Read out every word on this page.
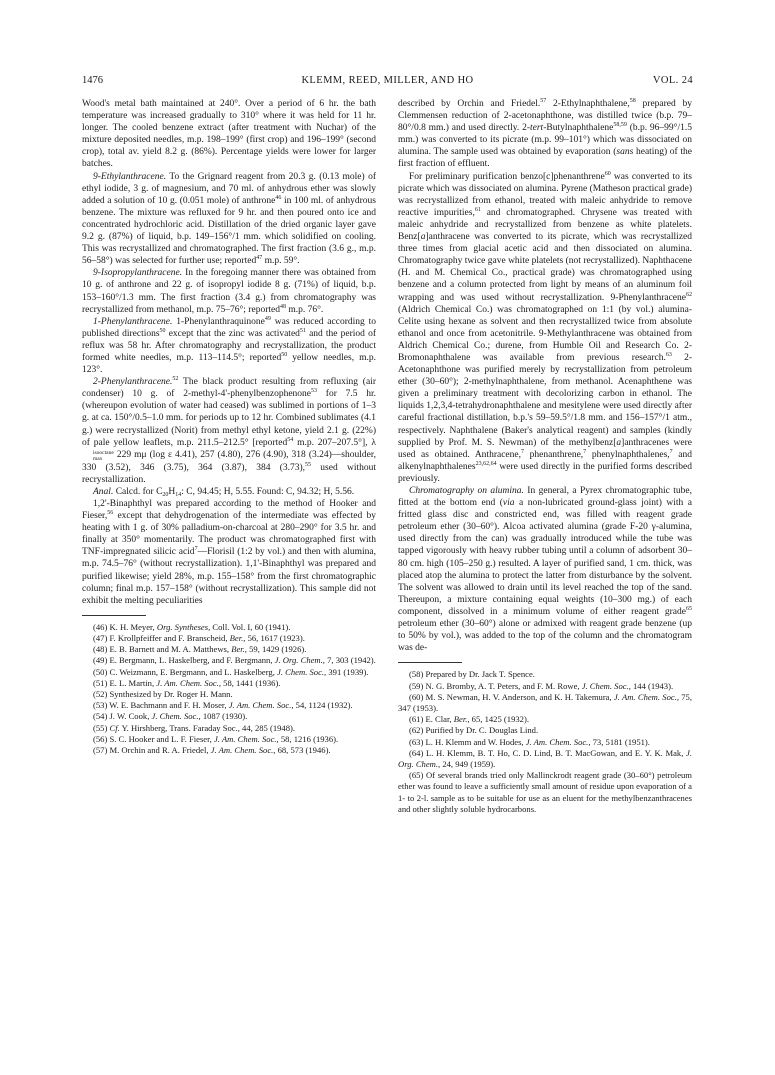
1476	KLEMM, REED, MILLER, AND HO	VOL. 24

Wood's metal bath maintained at 240°. Over a period of 6 hr. the bath temperature was increased gradually to 310° where it was held for 11 hr. longer. The cooled benzene extract (after treatment with Nuchar) of the mixture deposited needles, m.p. 198–199° (first crop) and 196–199° (second crop), total av. yield 8.2 g. (86%). Percentage yields were lower for larger batches.

9-Ethylanthracene. To the Grignard reagent from 20.3 g. (0.13 mole) of ethyl iodide, 3 g. of magnesium, and 70 ml. of anhydrous ether was slowly added a solution of 10 g. (0.051 mole) of anthrone$^{46}$ in 100 ml. of anhydrous benzene. The mixture was refluxed for 9 hr. and then poured onto ice and concentrated hydrochloric acid. Distillation of the dried organic layer gave 9.2 g. (87%) of liquid, b.p. 149–156°/1 mm. which solidified on cooling. This was recrystallized and chromatographed. The first fraction (3.6 g., m.p. 56–58°) was selected for further use; reported$^{47}$ m.p. 59°.

9-Isopropylanthracene. In the foregoing manner there was obtained from 10 g. of anthrone and 22 g. of isopropyl iodide 8 g. (71%) of liquid, b.p. 153–160°/1.3 mm. The first fraction (3.4 g.) from chromatography was recrystallized from methanol, m.p. 75–76°; reported$^{48}$ m.p. 76°.

1-Phenylanthracene. 1-Phenylanthraquinone$^{49}$ was reduced according to published directions$^{50}$ except that the zinc was activated$^{51}$ and the period of reflux was 58 hr. After chromatography and recrystallization, the product formed white needles, m.p. 113–114.5°; reported$^{50}$ yellow needles, m.p. 123°.

2-Phenylanthracene.$^{52}$ The black product resulting from refluxing (air condenser) 10 g. of 2-methyl-4'-phenylbenzophenone$^{53}$ for 7.5 hr. (whereupon evolution of water had ceased) was sublimed in portions of 1–3 g. at ca. 150°/0.5–1.0 mm. for periods up to 12 hr. Combined sublimates (4.1 g.) were recrystallized (Norit) from methyl ethyl ketone, yield 2.1 g. (22%) of pale yellow leaflets, m.p. 211.5–212.5° [reported$^{54}$ m.p. 207–207.5°], λ
isooctane
max	229 mμ (log ε 4.41), 257 (4.80), 276 (4.90), 318 (3.24)—shoulder, 330 (3.52), 346 (3.75), 364 (3.87), 384 (3.73),$^{55}$ used without recrystallization.

Anal. Calcd. for $C_{20}H_{14}$: C, 94.45; H, 5.55. Found: C, 94.32; H, 5.56.

1,2'-Binaphthyl was prepared according to the method of Hooker and Fieser,$^{56}$ except that dehydrogenation of the intermediate was effected by heating with 1 g. of 30% palladium-on-charcoal at 280–290° for 3.5 hr. and finally at 350° momentarily. The product was chromatographed first with TNF-impregnated silicic acid$^7$—Florisil (1:2 by vol.) and then with alumina, m.p. 74.5–76° (without recrystallization). 1,1'-Binaphthyl was prepared and purified likewise; yield 28%, m.p. 155–158° from the first chromatographic column; final m.p. 157–158° (without recrystallization). This sample did not exhibit the melting peculiarities

(46) K. H. Meyer, Org. Syntheses, Coll. Vol. I, 60 (1941).

(47) F. Krollpfeiffer and F. Branscheid, Ber., 56, 1617 (1923).

(48) E. B. Barnett and M. A. Matthews, Ber., 59, 1429 (1926).

(49) E. Bergmann, L. Haskelberg, and F. Bergmann, J. Org. Chem., 7, 303 (1942).

(50) C. Weizmann, E. Bergmann, and L. Haskelberg, J. Chem. Soc., 391 (1939).

(51) E. L. Martin, J. Am. Chem. Soc., 58, 1441 (1936).

(52) Synthesized by Dr. Roger H. Mann.

(53) W. E. Bachmann and F. H. Moser, J. Am. Chem. Soc., 54, 1124 (1932).

(54) J. W. Cook, J. Chem. Soc., 1087 (1930).

(55) Cf. Y. Hirshberg, Trans. Faraday Soc., 44, 285 (1948).

(56) S. C. Hooker and L. F. Fieser, J. Am. Chem. Soc., 58, 1216 (1936).

(57) M. Orchin and R. A. Friedel, J. Am. Chem. Soc., 68, 573 (1946).

described by Orchin and Friedel.$^{57}$ 2-Ethylnaphthalene,$^{58}$ prepared by Clemmensen reduction of 2-acetonaphthone, was distilled twice (b.p. 79–80°/0.8 mm.) and used directly. 2-tert-Butylnaphthalene$^{58,59}$ (b.p. 96–99°/1.5 mm.) was converted to its picrate (m.p. 99–101°) which was dissociated on alumina. The sample used was obtained by evaporation (sans heating) of the first fraction of effluent.

For preliminary purification benzo[c]phenanthrene$^{60}$ was converted to its picrate which was dissociated on alumina. Pyrene (Matheson practical grade) was recrystallized from ethanol, treated with maleic anhydride to remove reactive impurities,$^{61}$ and chromatographed. Chrysene was treated with maleic anhydride and recrystallized from benzene as white platelets. Benz[a]anthracene was converted to its picrate, which was recrystallized three times from glacial acetic acid and then dissociated on alumina. Chromatography twice gave white platelets (not recrystallized). Naphthacene (H. and M. Chemical Co., practical grade) was chromatographed using benzene and a column protected from light by means of an aluminum foil wrapping and was used without recrystallization. 9-Phenylanthracene$^{62}$ (Aldrich Chemical Co.) was chromatographed on 1:1 (by vol.) alumina-Celite using hexane as solvent and then recrystallized twice from absolute ethanol and once from acetonitrile. 9-Methylanthracene was obtained from Aldrich Chemical Co.; durene, from Humble Oil and Research Co. 2-Bromonaphthalene was available from previous research.$^{63}$ 2-Acetonaphthone was purified merely by recrystallization from petroleum ether (30–60°); 2-methylnaphthalene, from methanol. Acenaphthene was given a preliminary treatment with decolorizing carbon in ethanol. The liquids 1,2,3,4-tetrahydronaphthalene and mesitylene were used directly after careful fractional distillation, b.p.'s 59–59.5°/1.8 mm. and 156–157°/1 atm., respectively. Naphthalene (Baker's analytical reagent) and samples (kindly supplied by Prof. M. S. Newman) of the methylbenz[a]anthracenes were used as obtained. Anthracene,$^7$ phenanthrene,$^7$ phenylnaphthalenes,$^7$ and alkenylnaphthalenes$^{23,62,64}$ were used directly in the purified forms described previously.

Chromatography on alumina. In general, a Pyrex chromatographic tube, fitted at the bottom end (via a non-lubricated ground-glass joint) with a fritted glass disc and constricted end, was filled with reagent grade petroleum ether (30–60°). Alcoa activated alumina (grade F-20 γ-alumina, used directly from the can) was gradually introduced while the tube was tapped vigorously with heavy rubber tubing until a column of adsorbent 30–80 cm. high (105–250 g.) resulted. A layer of purified sand, 1 cm. thick, was placed atop the alumina to protect the latter from disturbance by the solvent. The solvent was allowed to drain until its level reached the top of the sand. Thereupon, a mixture containing equal weights (10–300 mg.) of each component, dissolved in a minimum volume of either reagent grade$^{65}$ petroleum ether (30–60°) alone or admixed with reagent grade benzene (up to 50% by vol.), was added to the top of the column and the chromatogram was de-

(58) Prepared by Dr. Jack T. Spence.

(59) N. G. Bromby, A. T. Peters, and F. M. Rowe, J. Chem. Soc., 144 (1943).

(60) M. S. Newman, H. V. Anderson, and K. H. Takemura, J. Am. Chem. Soc., 75, 347 (1953).

(61) E. Clar, Ber., 65, 1425 (1932).

(62) Purified by Dr. C. Douglas Lind.

(63) L. H. Klemm and W. Hodes, J. Am. Chem. Soc., 73, 5181 (1951).

(64) L. H. Klemm, B. T. Ho, C. D. Lind, B. T. MacGowan, and E. Y. K. Mak, J. Org. Chem., 24, 949 (1959).

(65) Of several brands tried only Mallinckrodt reagent grade (30–60°) petroleum ether was found to leave a sufficiently small amount of residue upon evaporation of a 1- to 2-l. sample as to be suitable for use as an eluent for the methylbenzanthracenes and other slightly soluble hydrocarbons.
